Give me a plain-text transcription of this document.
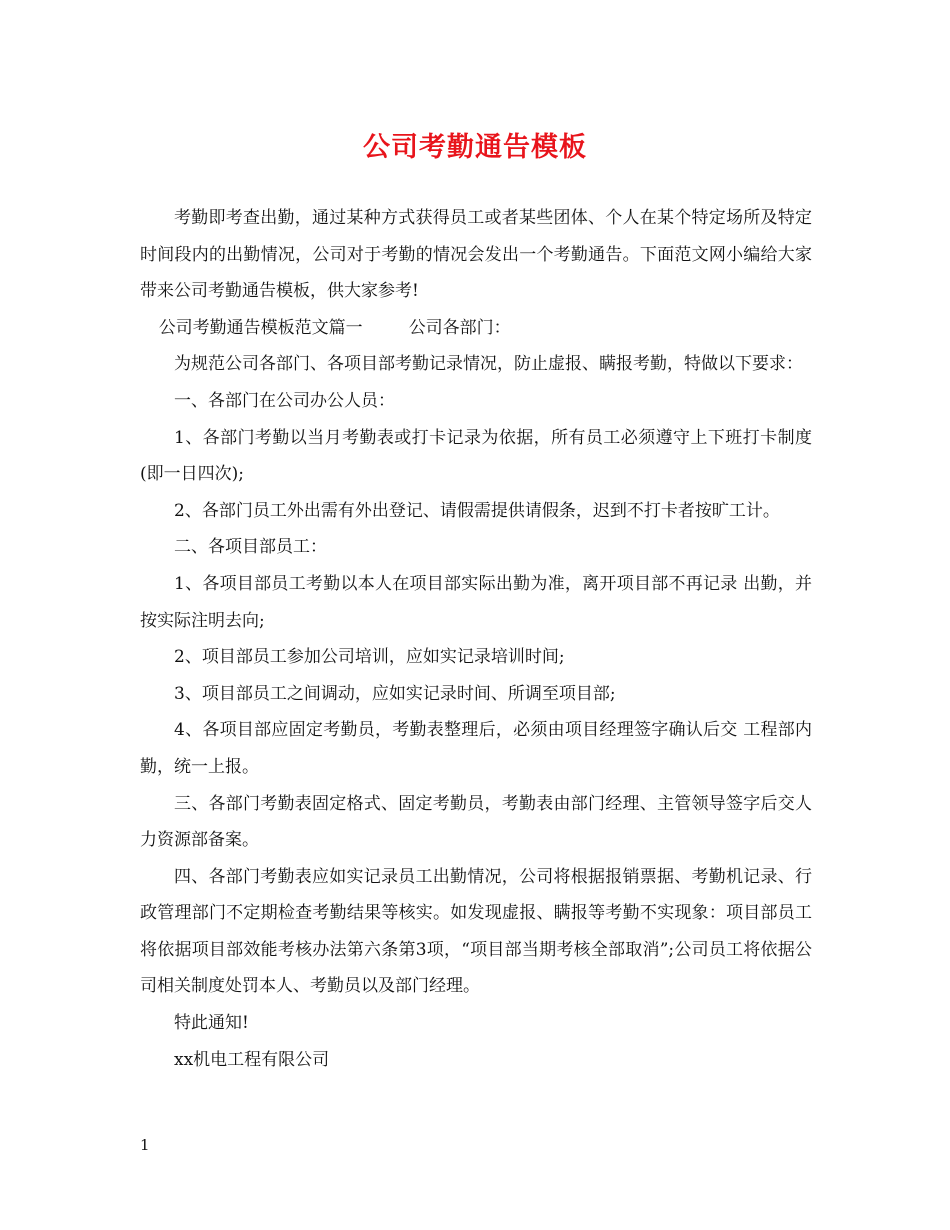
公司考勤通告模板

考勤即考查出勤，通过某种方式获得员工或者某些团体、个人在某个特定场所及特定时间段内的出勤情况，公司对于考勤的情况会发出一个考勤通告。下面范文网小编给大家带来公司考勤通告模板，供大家参考!

公司考勤通告模板范文篇一	公司各部门：

为规范公司各部门、各项目部考勤记录情况，防止虚报、瞒报考勤，特做以下要求：

一、各部门在公司办公人员：

1、各部门考勤以当月考勤表或打卡记录为依据，所有员工必须遵守上下班打卡制度(即一日四次);

2、各部门员工外出需有外出登记、请假需提供请假条，迟到不打卡者按旷工计。

二、各项目部员工：

1、各项目部员工考勤以本人在项目部实际出勤为准，离开项目部不再记录 出勤，并按实际注明去向;

2、项目部员工参加公司培训，应如实记录培训时间;

3、项目部员工之间调动，应如实记录时间、所调至项目部;

4、各项目部应固定考勤员，考勤表整理后，必须由项目经理签字确认后交 工程部内勤，统一上报。

三、各部门考勤表固定格式、固定考勤员，考勤表由部门经理、主管领导签字后交人力资源部备案。

四、各部门考勤表应如实记录员工出勤情况，公司将根据报销票据、考勤机记录、行政管理部门不定期检查考勤结果等核实。如发现虚报、瞒报等考勤不实现象：项目部员工将依据项目部效能考核办法第六条第3项，“项目部当期考核全部取消”;公司员工将依据公司相关制度处罚本人、考勤员以及部门经理。

特此通知!

xx机电工程有限公司

1
